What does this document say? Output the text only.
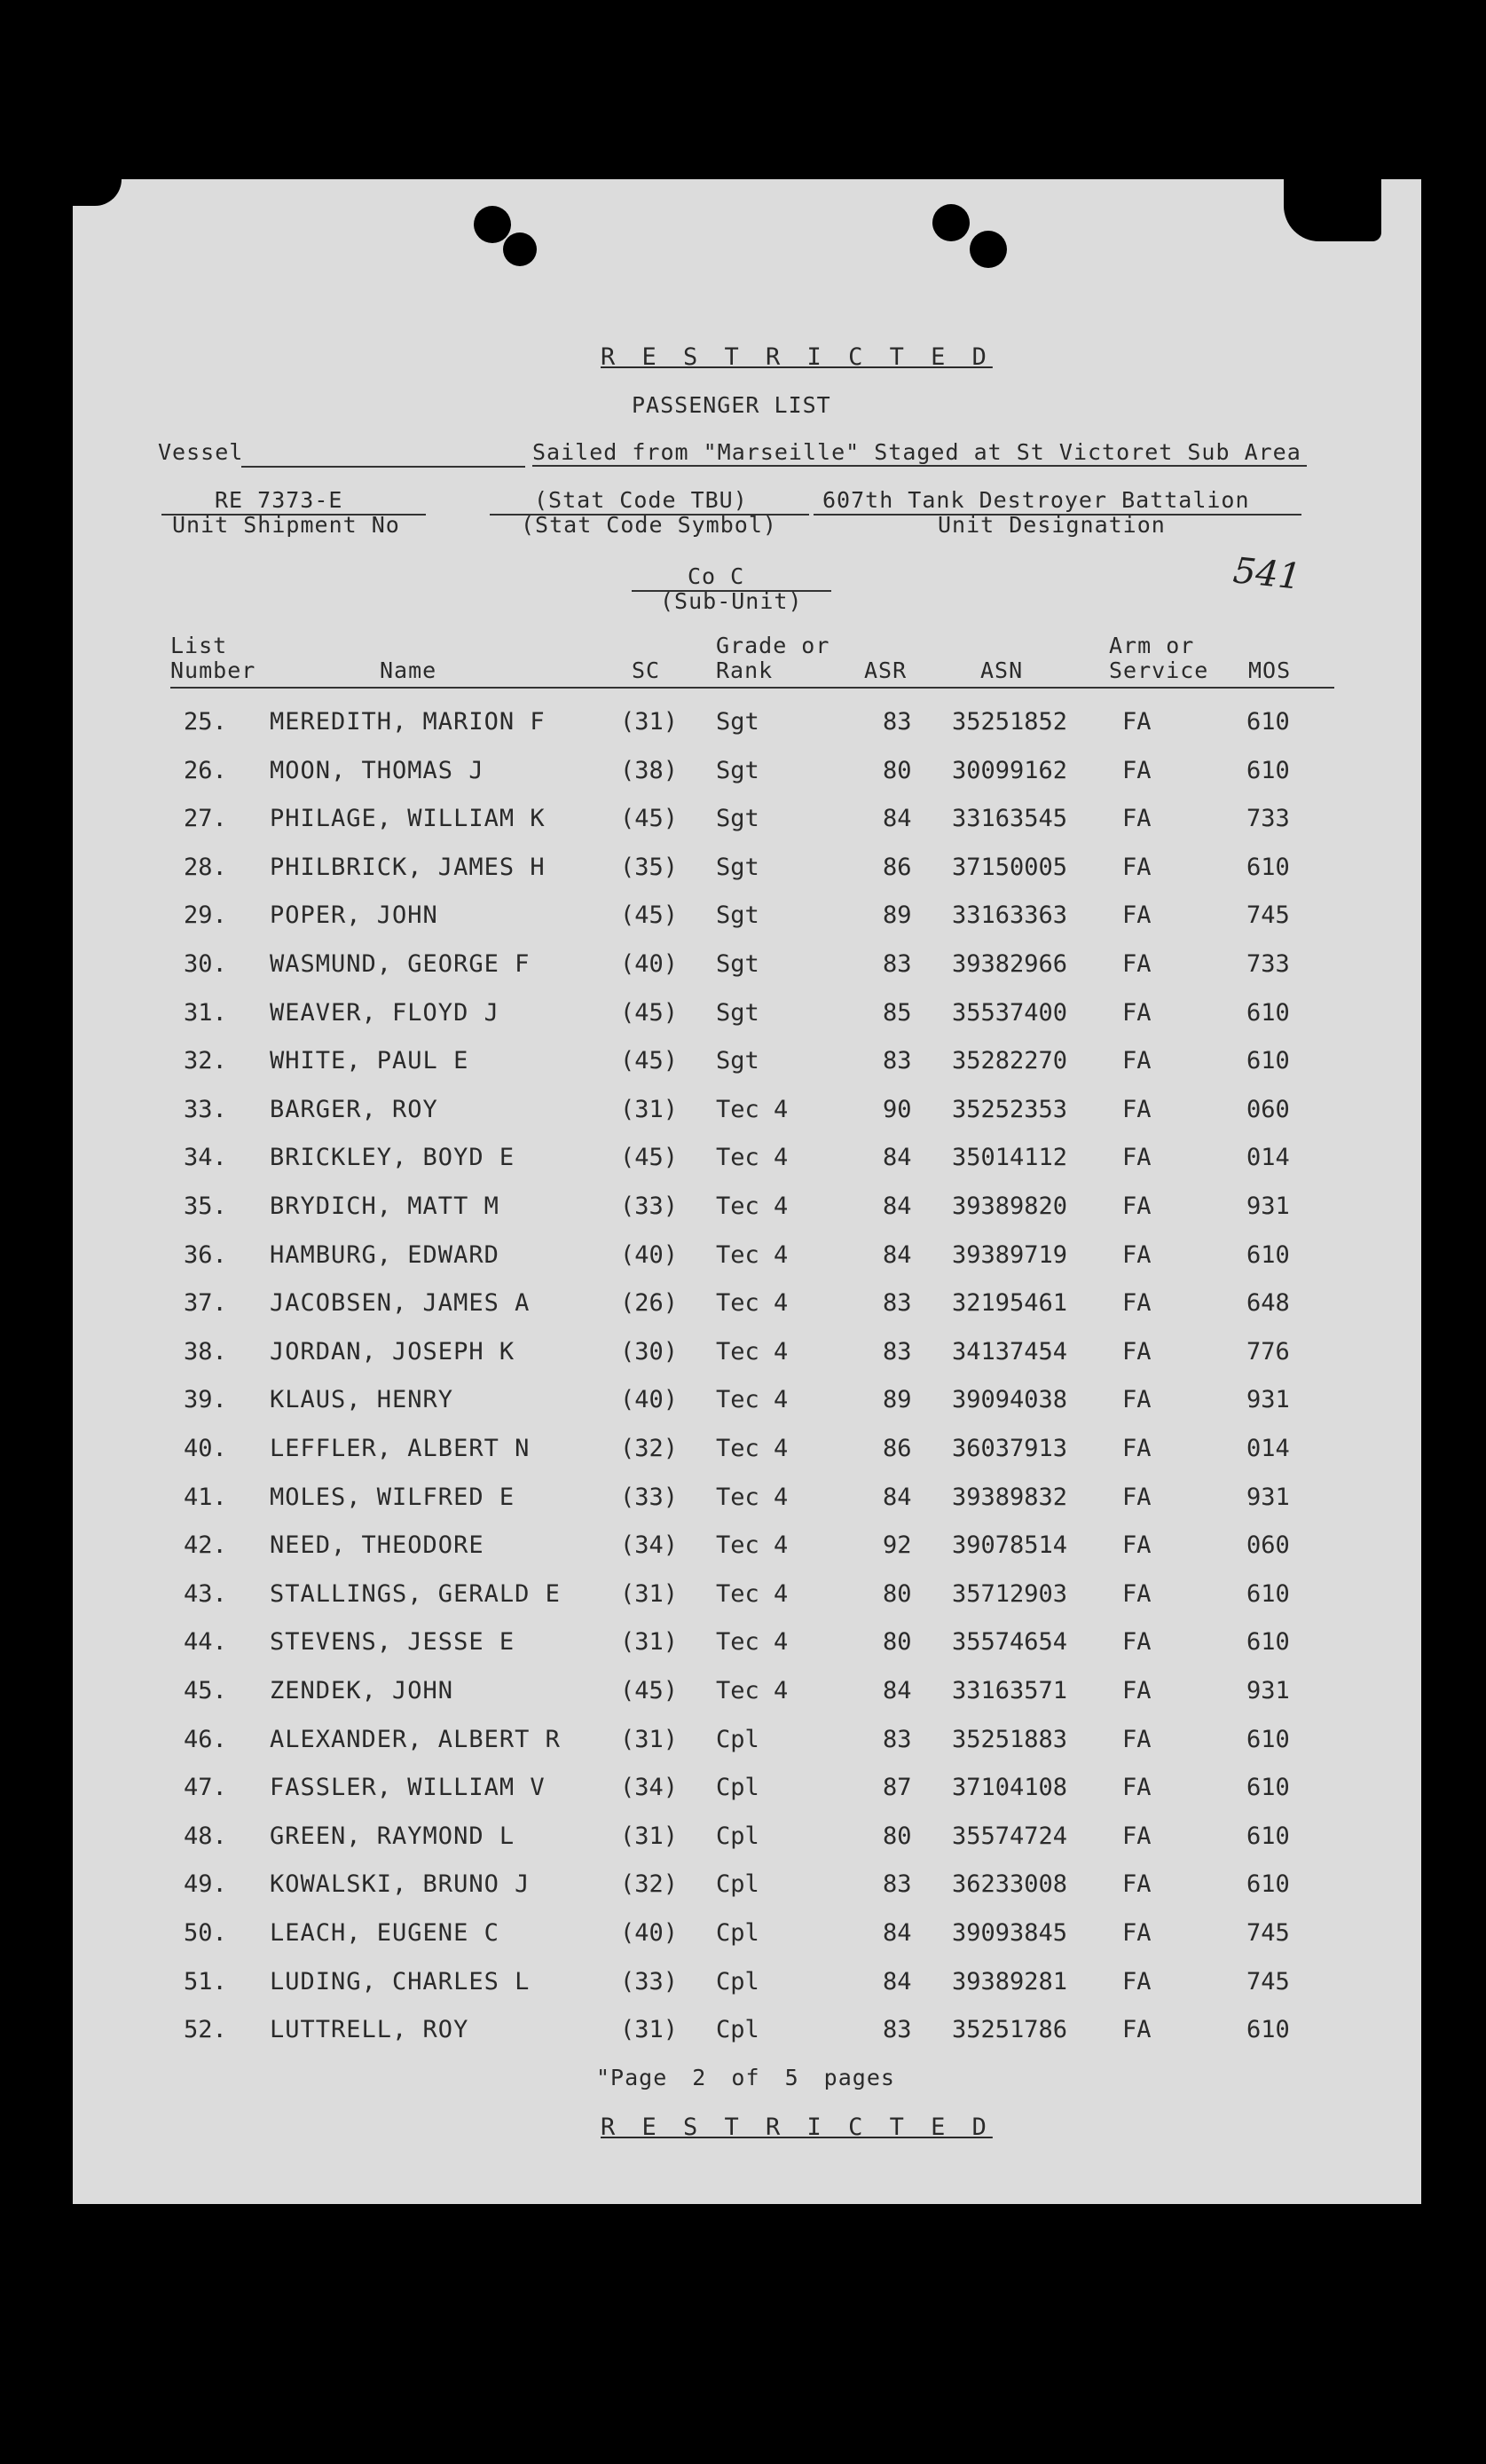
R E S T R I C T E D
PASSENGER LIST
Vessel	Sailed from "Marseille" Staged at St Victoret Sub Area
RE 7373-E
Unit Shipment No
(Stat Code TBU)
(Stat Code Symbol)
607th Tank Destroyer Battalion
Unit Designation
Co C
(Sub-Unit)
541
List
Number	Name	SC
Grade or
Rank	ASR	ASN
Arm or
Service MOS
25. MEREDITH, MARION F	(31) Sgt	83 35251852 FA	610
26. MOON, THOMAS J	(38) Sgt	80 30099162 FA	610
27. PHILAGE, WILLIAM K	(45) Sgt	84 33163545 FA	733
28. PHILBRICK, JAMES H	(35) Sgt	86 37150005 FA	610
29. POPER, JOHN	(45) Sgt	89 33163363 FA	745
30. WASMUND, GEORGE F	(40) Sgt	83 39382966 FA	733
31. WEAVER, FLOYD J	(45) Sgt	85 35537400 FA	610
32. WHITE, PAUL E	(45) Sgt	83 35282270 FA	610
33. BARGER, ROY	(31) Tec 4	90 35252353 FA	060
34. BRICKLEY, BOYD E	(45) Tec 4	84 35014112 FA	014
35. BRYDICH, MATT M	(33) Tec 4	84 39389820 FA	931
36. HAMBURG, EDWARD	(40) Tec 4	84 39389719 FA	610
37. JACOBSEN, JAMES A	(26) Tec 4	83 32195461 FA	648
38. JORDAN, JOSEPH K	(30) Tec 4	83 34137454 FA	776
39. KLAUS, HENRY	(40) Tec 4	89 39094038 FA	931
40. LEFFLER, ALBERT N	(32) Tec 4	86 36037913 FA	014
41. MOLES, WILFRED E	(33) Tec 4	84 39389832 FA	931
42. NEED, THEODORE	(34) Tec 4	92 39078514 FA	060
43. STALLINGS, GERALD E (31) Tec 4	80 35712903 FA	610
44. STEVENS, JESSE E	(31) Tec 4	80 35574654 FA	610
45. ZENDEK, JOHN	(45) Tec 4	84 33163571 FA	931
46. ALEXANDER, ALBERT R (31) Cpl	83 35251883 FA	610
47. FASSLER, WILLIAM V	(34) Cpl	87 37104108 FA	610
48. GREEN, RAYMOND L	(31) Cpl	80 35574724 FA	610
49. KOWALSKI, BRUNO J	(32) Cpl	83 36233008 FA	610
50. LEACH, EUGENE C	(40) Cpl	84 39093845 FA	745
51. LUDING, CHARLES L	(33) Cpl	84 39389281 FA	745
52. LUTTRELL, ROY	(31) Cpl	83 35251786 FA	610
"Page 2 of 5 pages
R E S T R I C T E D
